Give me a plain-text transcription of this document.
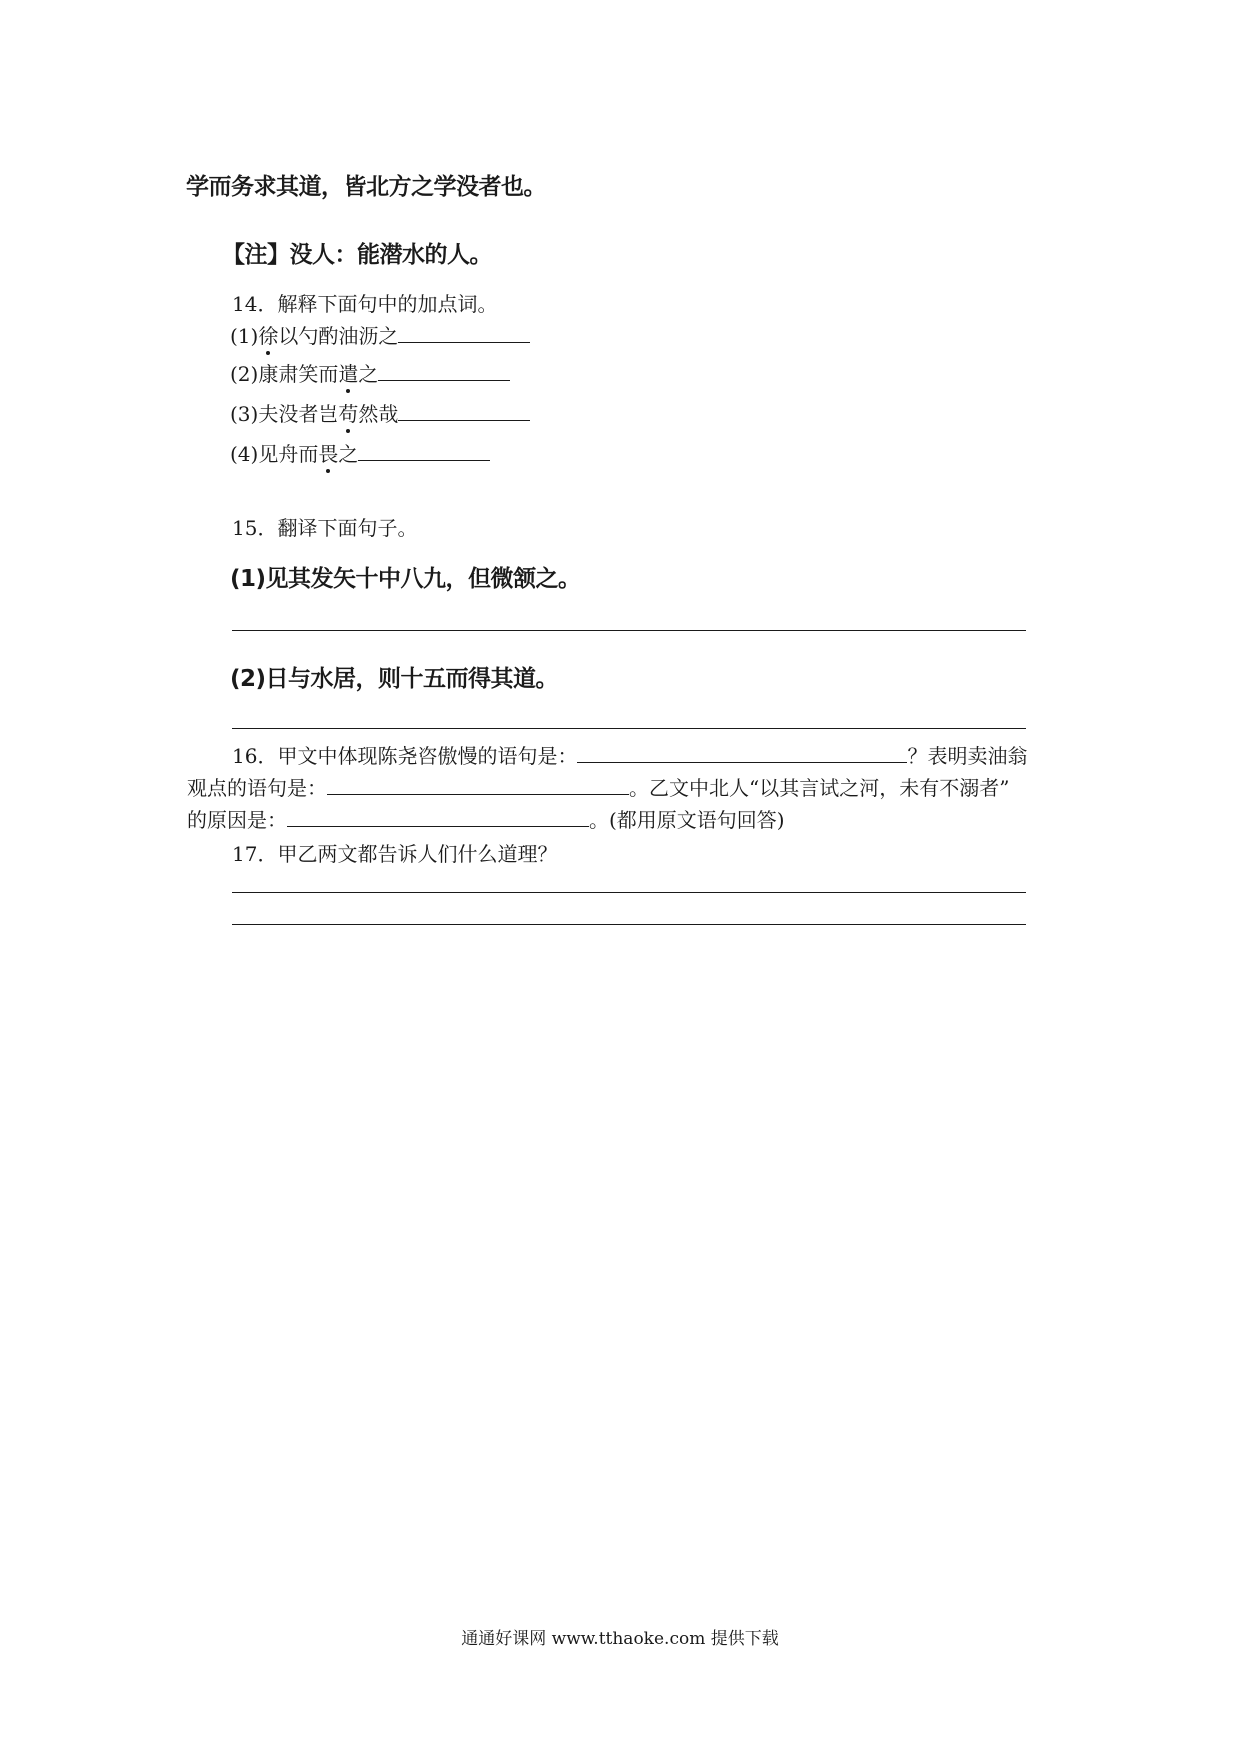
学而务求其道，皆北方之学没者也。
【注】没人：能潜水的人。
14．解释下面句中的加点词。
(1)徐以勺酌油沥之
(2)康肃笑而遣之
(3)夫没者岂苟然哉
(4)见舟而畏之
15．翻译下面句子。
(1)见其发矢十中八九，但微颔之。
(2)日与水居，则十五而得其道。
16．甲文中体现陈尧咨傲慢的语句是：	？表明卖油翁
观点的语句是：	。乙文中北人“以其言试之河，未有不溺者”
的原因是：	。(都用原文语句回答)
17．甲乙两文都告诉人们什么道理？
通通好课网 www.tthaoke.com 提供下载
